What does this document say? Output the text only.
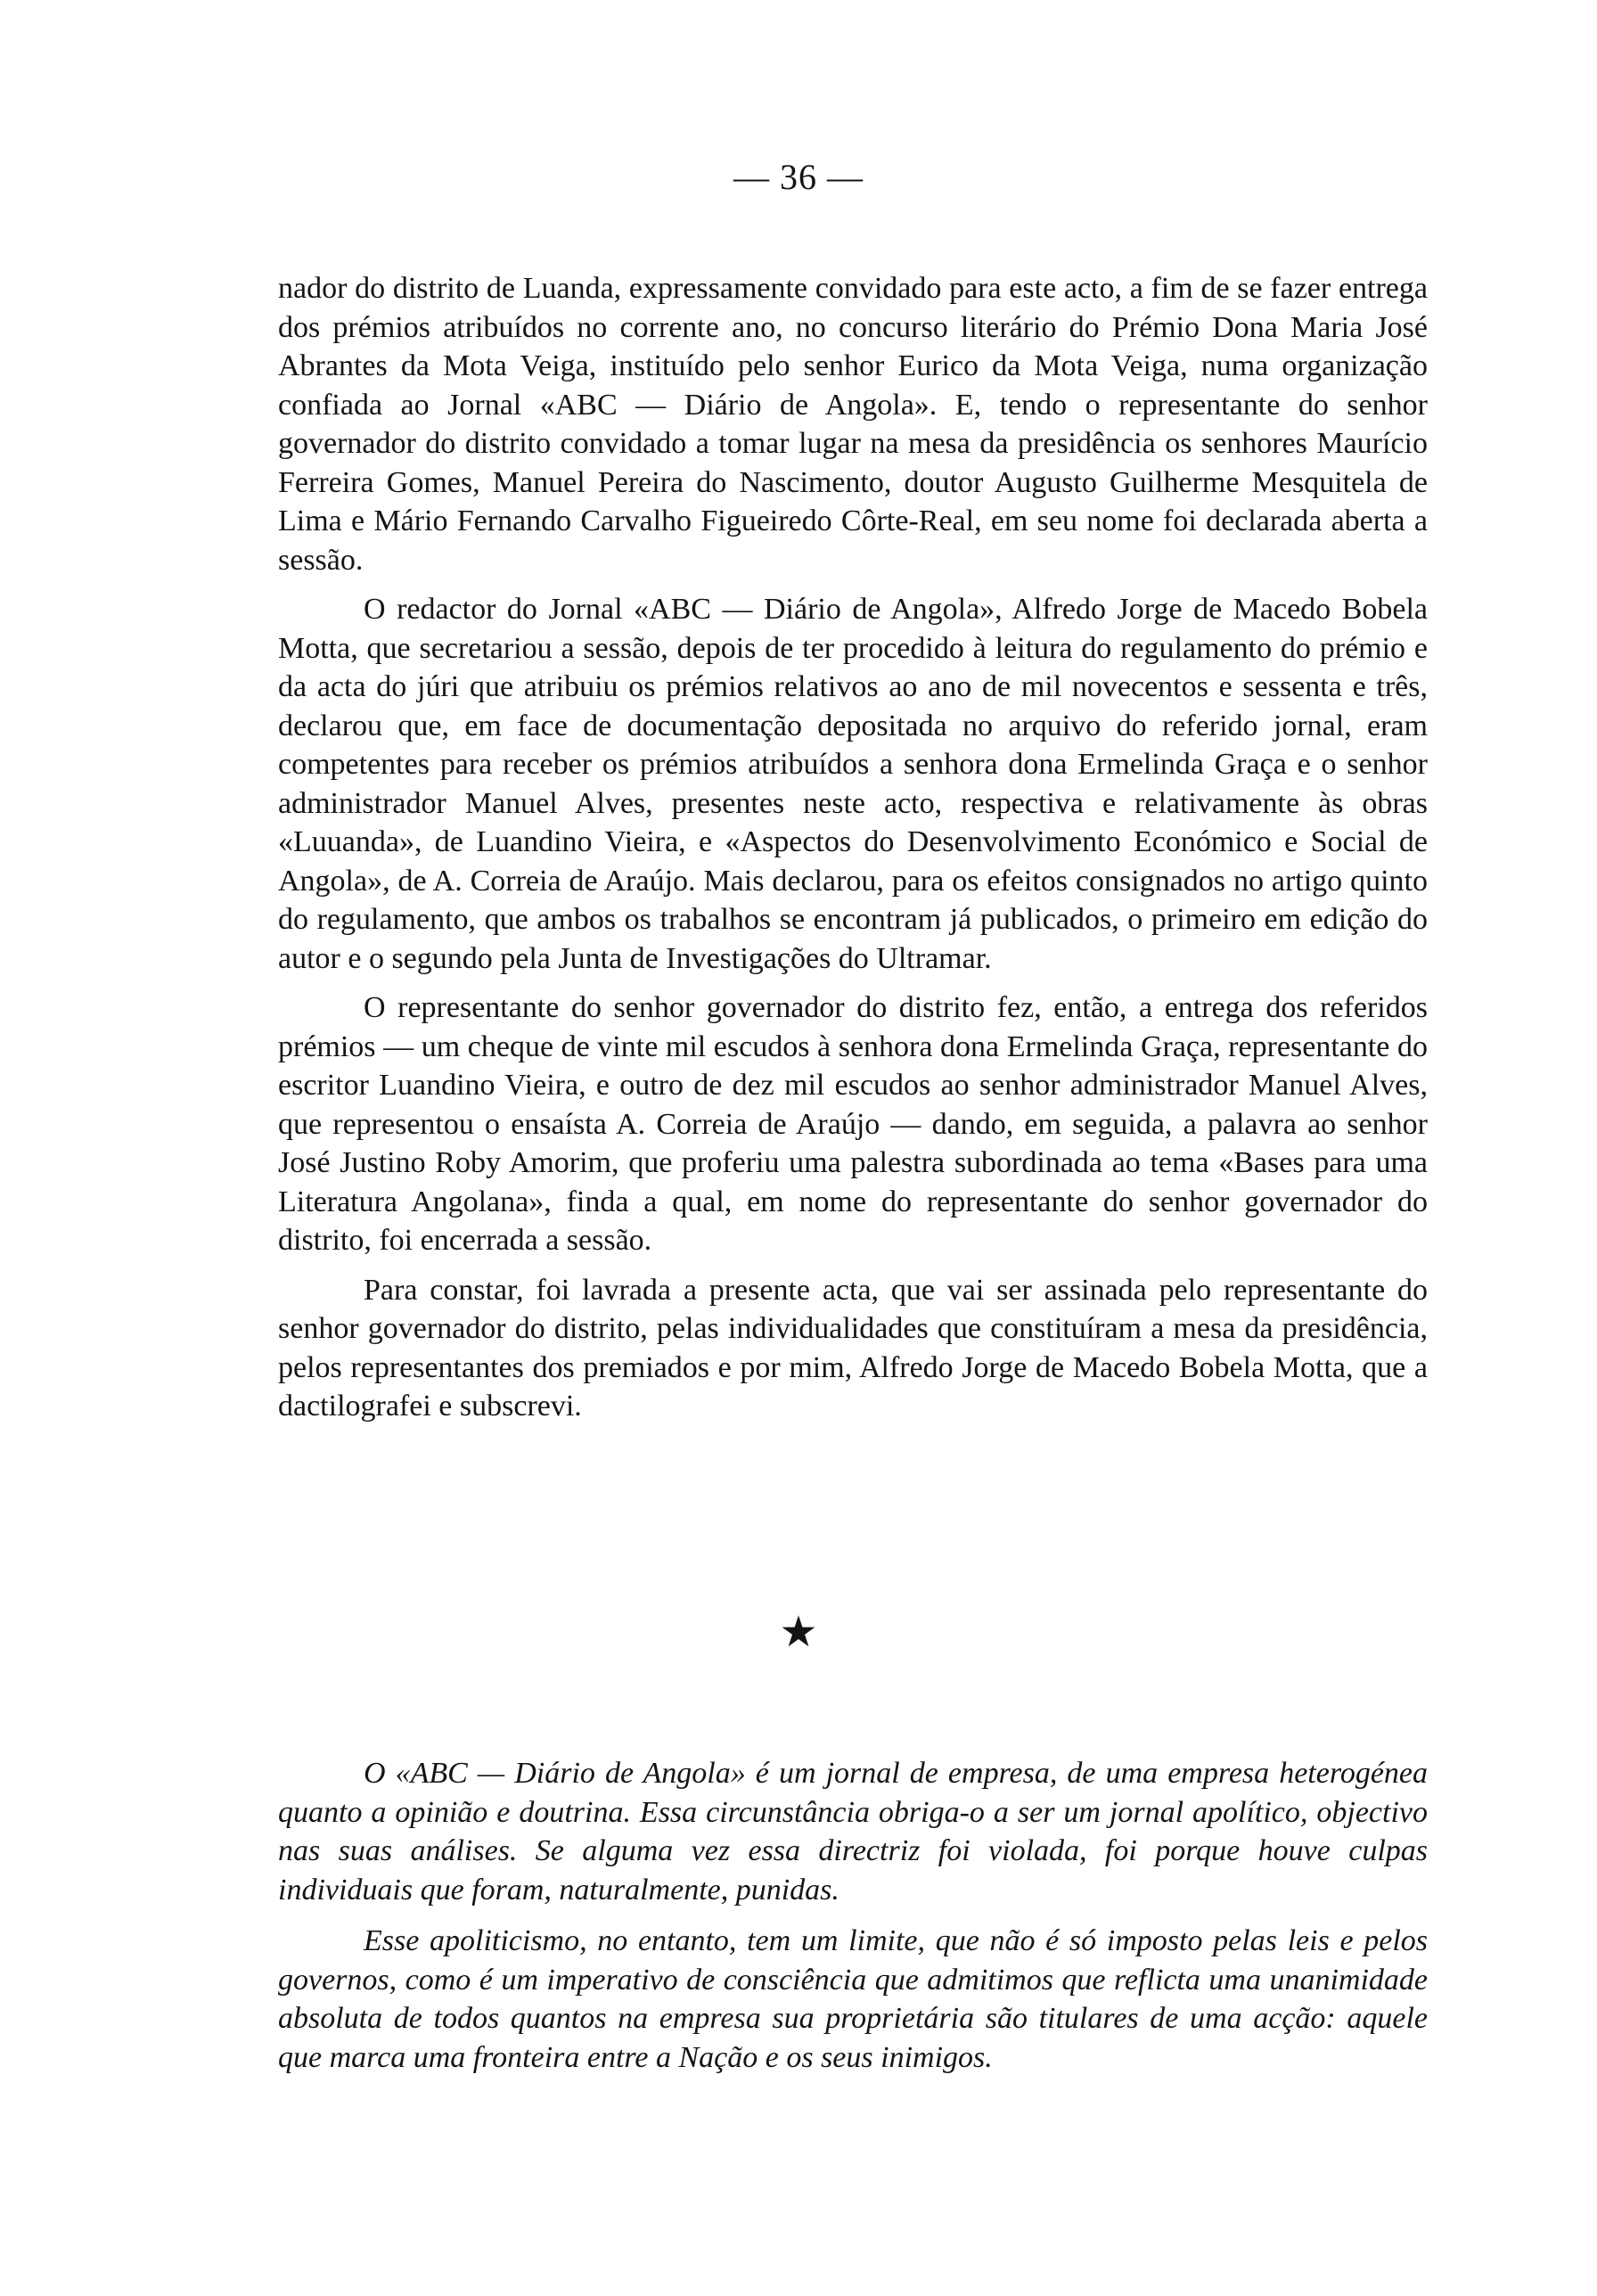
— 36 —

nador do distrito de Luanda, expressamente convidado para este acto, a fim de se fazer entrega dos prémios atribuídos no corrente ano, no concurso literário do Prémio Dona Maria José Abrantes da Mota Veiga, instituído pelo senhor Eurico da Mota Veiga, numa organização confiada ao Jornal «ABC — Diário de Angola». E, tendo o representante do senhor governador do distrito convidado a tomar lugar na mesa da presidência os senhores Maurício Ferreira Gomes, Manuel Pereira do Nascimento, doutor Augusto Guilherme Mesquitela de Lima e Mário Fernando Carvalho Figueiredo Côrte-Real, em seu nome foi declarada aberta a sessão.

O redactor do Jornal «ABC — Diário de Angola», Alfredo Jorge de Macedo Bobela Motta, que secretariou a sessão, depois de ter procedido à leitura do regulamento do prémio e da acta do júri que atribuiu os prémios relativos ao ano de mil novecentos e sessenta e três, declarou que, em face de documentação depositada no arquivo do referido jornal, eram competentes para receber os prémios atribuídos a senhora dona Ermelinda Graça e o senhor administrador Manuel Alves, presentes neste acto, respectiva e relativamente às obras «Luuanda», de Luandino Vieira, e «Aspectos do Desenvolvimento Económico e Social de Angola», de A. Correia de Araújo. Mais declarou, para os efeitos consignados no artigo quinto do regulamento, que ambos os trabalhos se encontram já publicados, o primeiro em edição do autor e o segundo pela Junta de Investigações do Ultramar.

O representante do senhor governador do distrito fez, então, a entrega dos referidos prémios — um cheque de vinte mil escudos à senhora dona Ermelinda Graça, representante do escritor Luandino Vieira, e outro de dez mil escudos ao senhor administrador Manuel Alves, que representou o ensaísta A. Correia de Araújo — dando, em seguida, a palavra ao senhor José Justino Roby Amorim, que proferiu uma palestra subordinada ao tema «Bases para uma Literatura Angolana», finda a qual, em nome do representante do senhor governador do distrito, foi encerrada a sessão.

Para constar, foi lavrada a presente acta, que vai ser assinada pelo representante do senhor governador do distrito, pelas individualidades que constituíram a mesa da presidência, pelos representantes dos premiados e por mim, Alfredo Jorge de Macedo Bobela Motta, que a dactilografei e subscrevi.

★

O «ABC — Diário de Angola» é um jornal de empresa, de uma empresa heterogénea quanto a opinião e doutrina. Essa circunstância obriga-o a ser um jornal apolítico, objectivo nas suas análises. Se alguma vez essa directriz foi violada, foi porque houve culpas individuais que foram, naturalmente, punidas.

Esse apoliticismo, no entanto, tem um limite, que não é só imposto pelas leis e pelos governos, como é um imperativo de consciência que admitimos que reflicta uma unanimidade absoluta de todos quantos na empresa sua proprietária são titulares de uma acção: aquele que marca uma fronteira entre a Nação e os seus inimigos.
